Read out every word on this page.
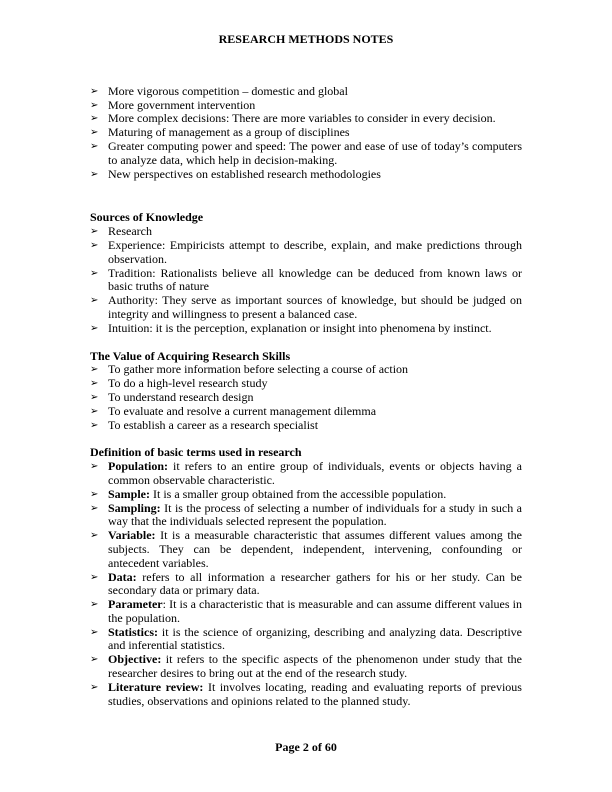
RESEARCH METHODS NOTES
➢ More vigorous competition – domestic and global
➢ More government intervention
➢ More complex decisions: There are more variables to consider in every decision.
➢ Maturing of management as a group of disciplines
➢ Greater computing power and speed: The power and ease of use of today’s computers to analyze data, which help in decision-making.
➢ New perspectives on established research methodologies
Sources of Knowledge
➢ Research
➢ Experience: Empiricists attempt to describe, explain, and make predictions through observation.
➢ Tradition: Rationalists believe all knowledge can be deduced from known laws or basic truths of nature
➢ Authority: They serve as important sources of knowledge, but should be judged on integrity and willingness to present a balanced case.
➢ Intuition: it is the perception, explanation or insight into phenomena by instinct.
The Value of Acquiring Research Skills
➢ To gather more information before selecting a course of action
➢ To do a high-level research study
➢ To understand research design
➢ To evaluate and resolve a current management dilemma
➢ To establish a career as a research specialist
Definition of basic terms used in research
➢ Population: it refers to an entire group of individuals, events or objects having a common observable characteristic.
➢ Sample: It is a smaller group obtained from the accessible population.
➢ Sampling: It is the process of selecting a number of individuals for a study in such a way that the individuals selected represent the population.
➢ Variable: It is a measurable characteristic that assumes different values among the subjects. They can be dependent, independent, intervening, confounding or antecedent variables.
➢ Data: refers to all information a researcher gathers for his or her study. Can be secondary data or primary data.
➢ Parameter: It is a characteristic that is measurable and can assume different values in the population.
➢ Statistics: it is the science of organizing, describing and analyzing data. Descriptive and inferential statistics.
➢ Objective: it refers to the specific aspects of the phenomenon under study that the researcher desires to bring out at the end of the research study.
➢ Literature review: It involves locating, reading and evaluating reports of previous studies, observations and opinions related to the planned study.
Page 2 of 60
